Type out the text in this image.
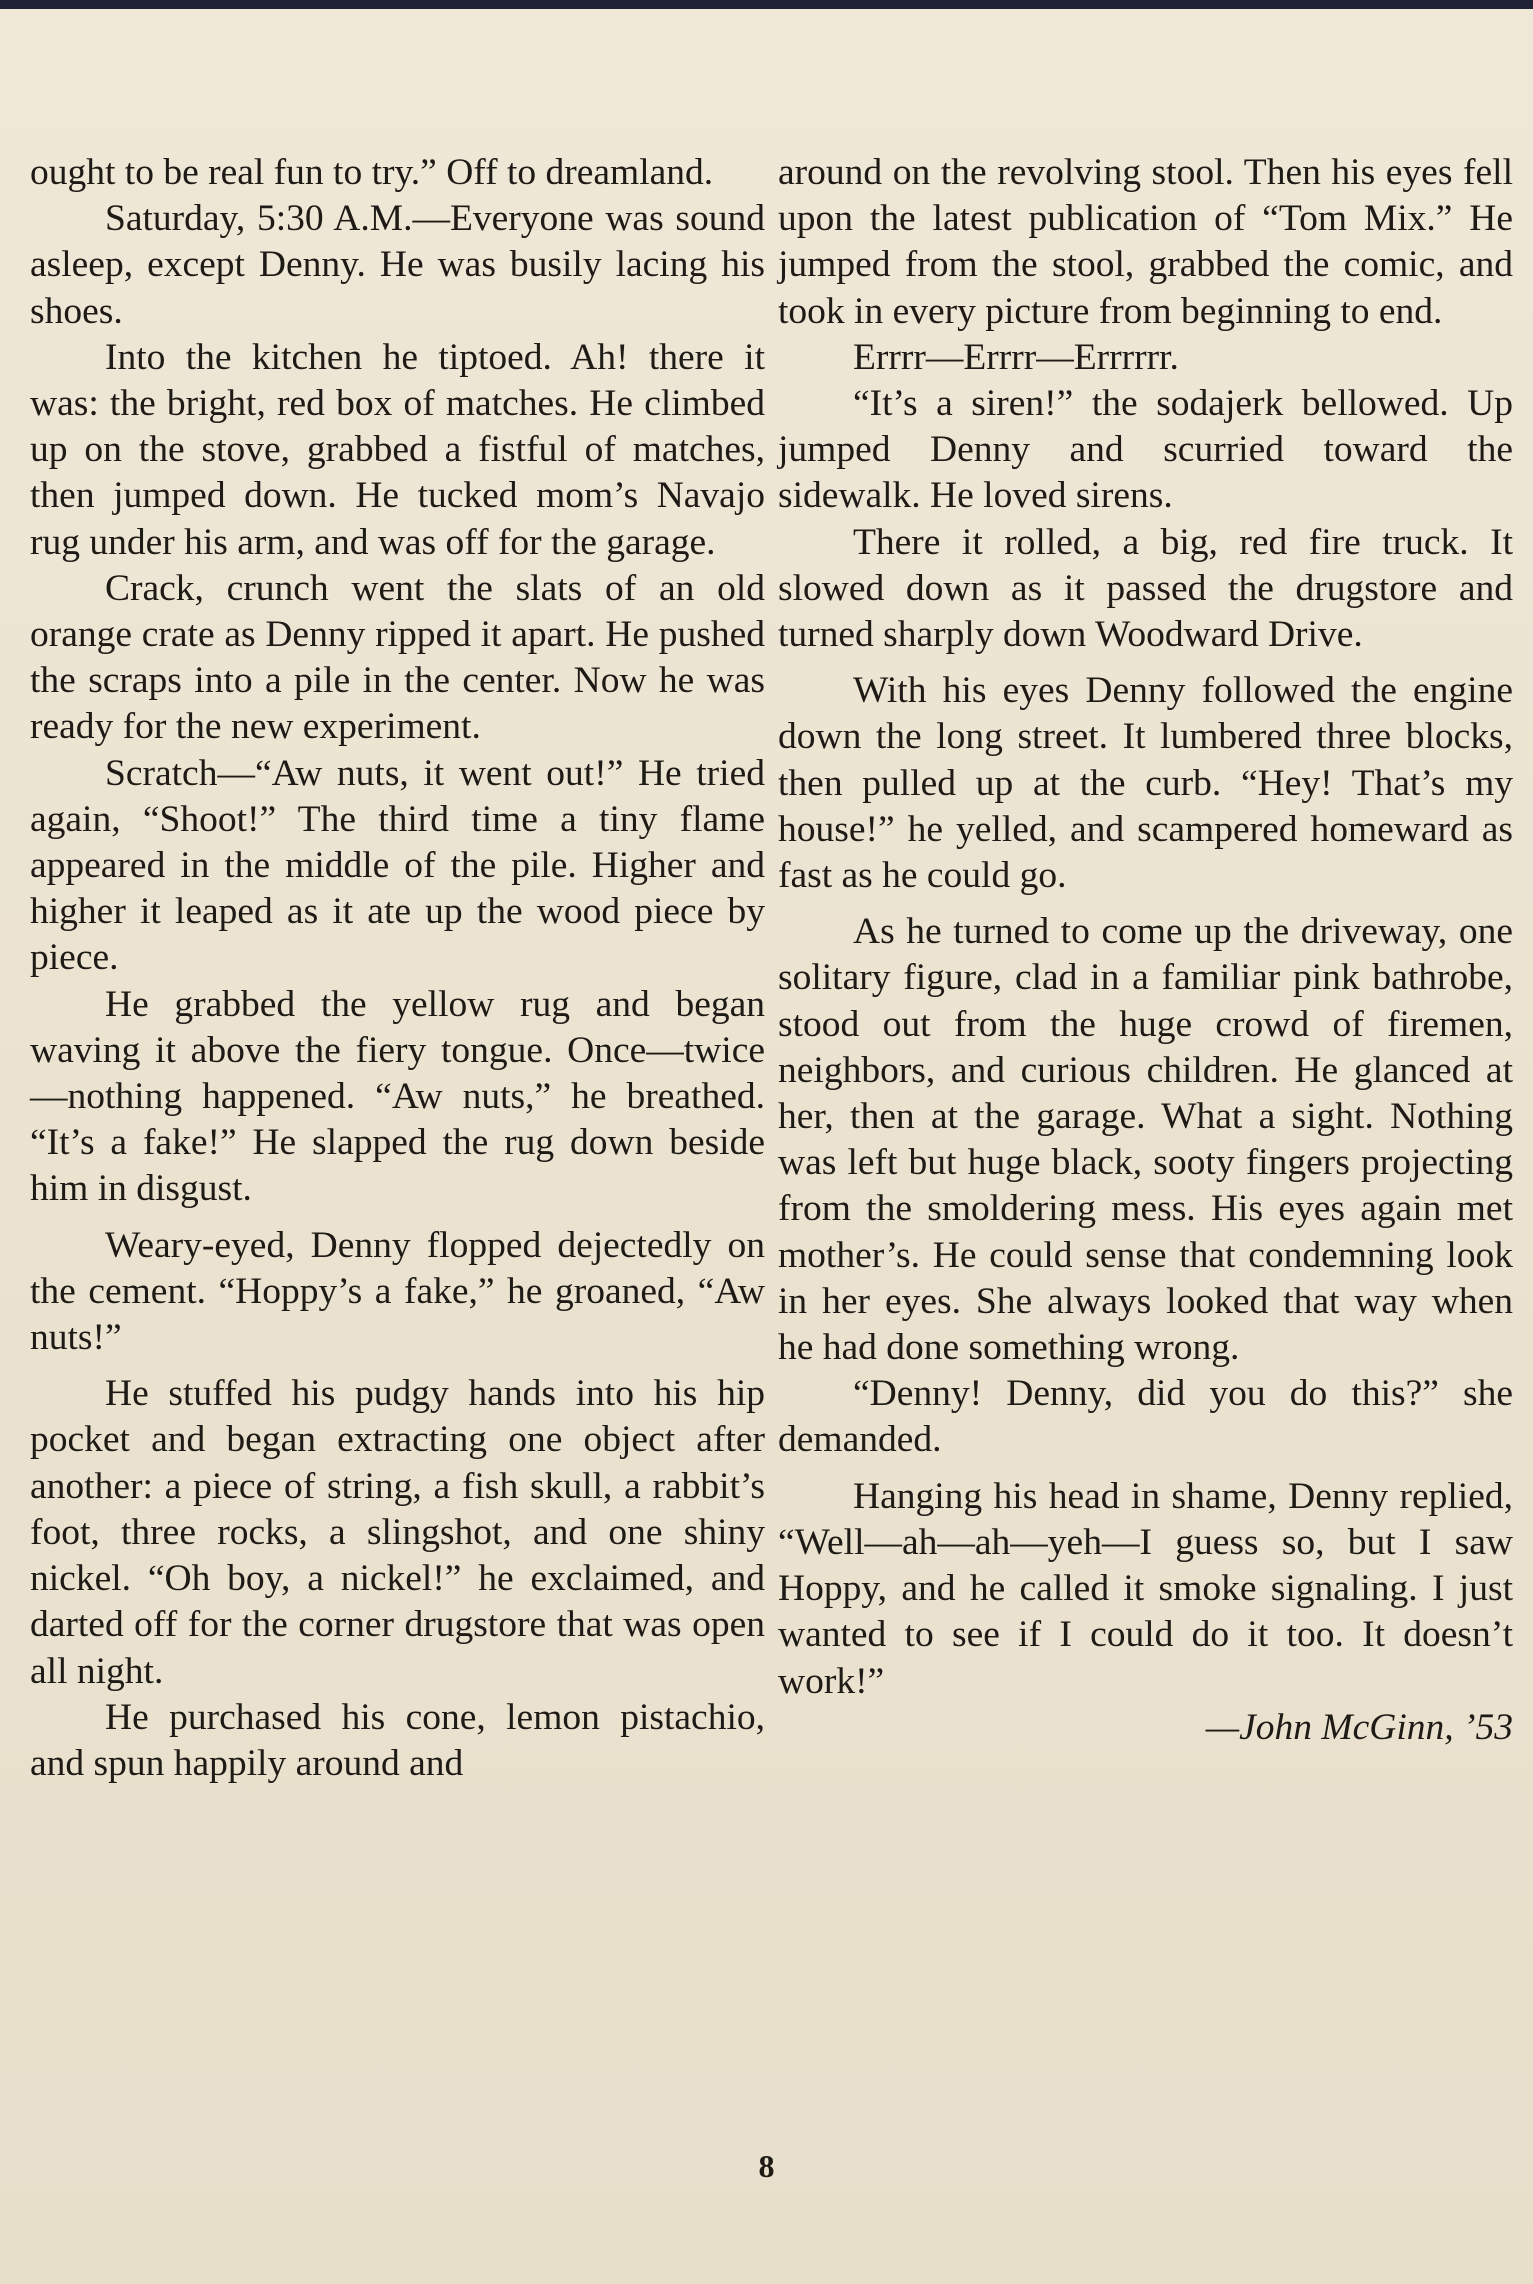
ought to be real fun to try.” Off to dreamland.

Saturday, 5:30 A.M.—Everyone was sound asleep, except Denny. He was busily lacing his shoes.

Into the kitchen he tiptoed. Ah! there it was: the bright, red box of matches. He climbed up on the stove, grabbed a fistful of matches, then jumped down. He tucked mom’s Navajo rug under his arm, and was off for the garage.

Crack, crunch went the slats of an old orange crate as Denny ripped it apart. He pushed the scraps into a pile in the center. Now he was ready for the new experiment.

Scratch—“Aw nuts, it went out!” He tried again, “Shoot!” The third time a tiny flame appeared in the middle of the pile. Higher and higher it leaped as it ate up the wood piece by piece.

He grabbed the yellow rug and began waving it above the fiery tongue. Once—twice—nothing happened. “Aw nuts,” he breathed. “It’s a fake!” He slapped the rug down beside him in disgust.

Weary-eyed, Denny flopped dejectedly on the cement. “Hoppy’s a fake,” he groaned, “Aw nuts!”

He stuffed his pudgy hands into his hip pocket and began extracting one object after another: a piece of string, a fish skull, a rabbit’s foot, three rocks, a slingshot, and one shiny nickel. “Oh boy, a nickel!” he exclaimed, and darted off for the corner drugstore that was open all night.

He purchased his cone, lemon pistachio, and spun happily around and

around on the revolving stool. Then his eyes fell upon the latest publication of “Tom Mix.” He jumped from the stool, grabbed the comic, and took in every picture from beginning to end.

Errrr—Errrr—Errrrrr.

“It’s a siren!” the sodajerk bellowed. Up jumped Denny and scurried toward the sidewalk. He loved sirens.

There it rolled, a big, red fire truck. It slowed down as it passed the drugstore and turned sharply down Woodward Drive.

With his eyes Denny followed the engine down the long street. It lumbered three blocks, then pulled up at the curb. “Hey! That’s my house!” he yelled, and scampered homeward as fast as he could go.

As he turned to come up the driveway, one solitary figure, clad in a familiar pink bathrobe, stood out from the huge crowd of firemen, neighbors, and curious children. He glanced at her, then at the garage. What a sight. Nothing was left but huge black, sooty fingers projecting from the smoldering mess. His eyes again met mother’s. He could sense that condemning look in her eyes. She always looked that way when he had done something wrong.

“Denny! Denny, did you do this?” she demanded.

Hanging his head in shame, Denny replied, “Well—ah—ah—yeh—I guess so, but I saw Hoppy, and he called it smoke signaling. I just wanted to see if I could do it too. It doesn’t work!”

—John McGinn, ’53

8
